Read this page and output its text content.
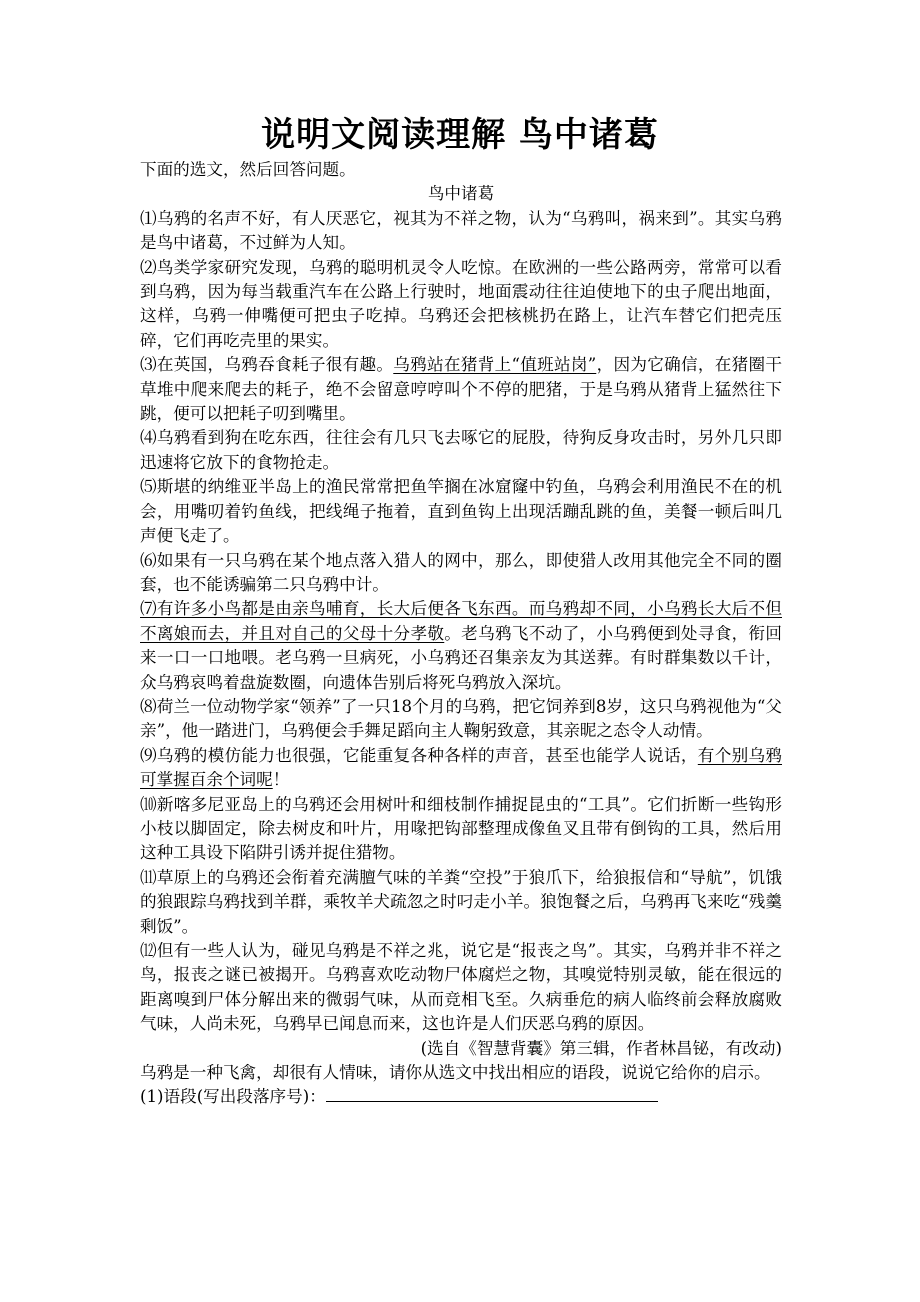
说明文阅读理解 鸟中诸葛

下面的选文，然后回答问题。

鸟中诸葛

⑴乌鸦的名声不好，有人厌恶它，视其为不祥之物，认为“乌鸦叫，祸来到”。其实乌鸦是鸟中诸葛，不过鲜为人知。

⑵鸟类学家研究发现，乌鸦的聪明机灵令人吃惊。在欧洲的一些公路两旁，常常可以看到乌鸦，因为每当载重汽车在公路上行驶时，地面震动往往迫使地下的虫子爬出地面，这样，乌鸦一伸嘴便可把虫子吃掉。乌鸦还会把核桃扔在路上，让汽车替它们把壳压碎，它们再吃壳里的果实。

⑶在英国，乌鸦吞食耗子很有趣。乌鸦站在猪背上“值班站岗”，因为它确信，在猪圈干草堆中爬来爬去的耗子，绝不会留意哼哼叫个不停的肥猪，于是乌鸦从猪背上猛然往下跳，便可以把耗子叨到嘴里。

⑷乌鸦看到狗在吃东西，往往会有几只飞去啄它的屁股，待狗反身攻击时，另外几只即迅速将它放下的食物抢走。

⑸斯堪的纳维亚半岛上的渔民常常把鱼竿搁在冰窟窿中钓鱼，乌鸦会利用渔民不在的机会，用嘴叨着钓鱼线，把线绳子拖着，直到鱼钩上出现活蹦乱跳的鱼，美餐一顿后叫几声便飞走了。

⑹如果有一只乌鸦在某个地点落入猎人的网中，那么，即使猎人改用其他完全不同的圈套，也不能诱骗第二只乌鸦中计。

⑺有许多小鸟都是由亲鸟哺育，长大后便各飞东西。而乌鸦却不同，小乌鸦长大后不但不离娘而去，并且对自己的父母十分孝敬。老乌鸦飞不动了，小乌鸦便到处寻食，衔回来一口一口地喂。老乌鸦一旦病死，小乌鸦还召集亲友为其送葬。有时群集数以千计，众乌鸦哀鸣着盘旋数圈，向遗体告别后将死乌鸦放入深坑。

⑻荷兰一位动物学家“领养”了一只18个月的乌鸦，把它饲养到8岁，这只乌鸦视他为“父亲”，他一踏进门，乌鸦便会手舞足蹈向主人鞠躬致意，其亲昵之态令人动情。

⑼乌鸦的模仿能力也很强，它能重复各种各样的声音，甚至也能学人说话，有个别乌鸦可掌握百余个词呢！

⑽新喀多尼亚岛上的乌鸦还会用树叶和细枝制作捕捉昆虫的“工具”。它们折断一些钩形小枝以脚固定，除去树皮和叶片，用喙把钩部整理成像鱼叉且带有倒钩的工具，然后用这种工具设下陷阱引诱并捉住猎物。

⑾草原上的乌鸦还会衔着充满膻气味的羊粪“空投”于狼爪下，给狼报信和“导航”，饥饿的狼跟踪乌鸦找到羊群，乘牧羊犬疏忽之时叼走小羊。狼饱餐之后，乌鸦再飞来吃“残羹剩饭”。

⑿但有一些人认为，碰见乌鸦是不祥之兆，说它是“报丧之鸟”。其实，乌鸦并非不祥之鸟，报丧之谜已被揭开。乌鸦喜欢吃动物尸体腐烂之物，其嗅觉特别灵敏，能在很远的距离嗅到尸体分解出来的微弱气味，从而竞相飞至。久病垂危的病人临终前会释放腐败气味，人尚未死，乌鸦早已闻息而来，这也许是人们厌恶乌鸦的原因。

(选自《智慧背囊》第三辑，作者林昌铋，有改动)

乌鸦是一种飞禽，却很有人情味，请你从选文中找出相应的语段，说说它给你的启示。

(1)语段(写出段落序号)：
